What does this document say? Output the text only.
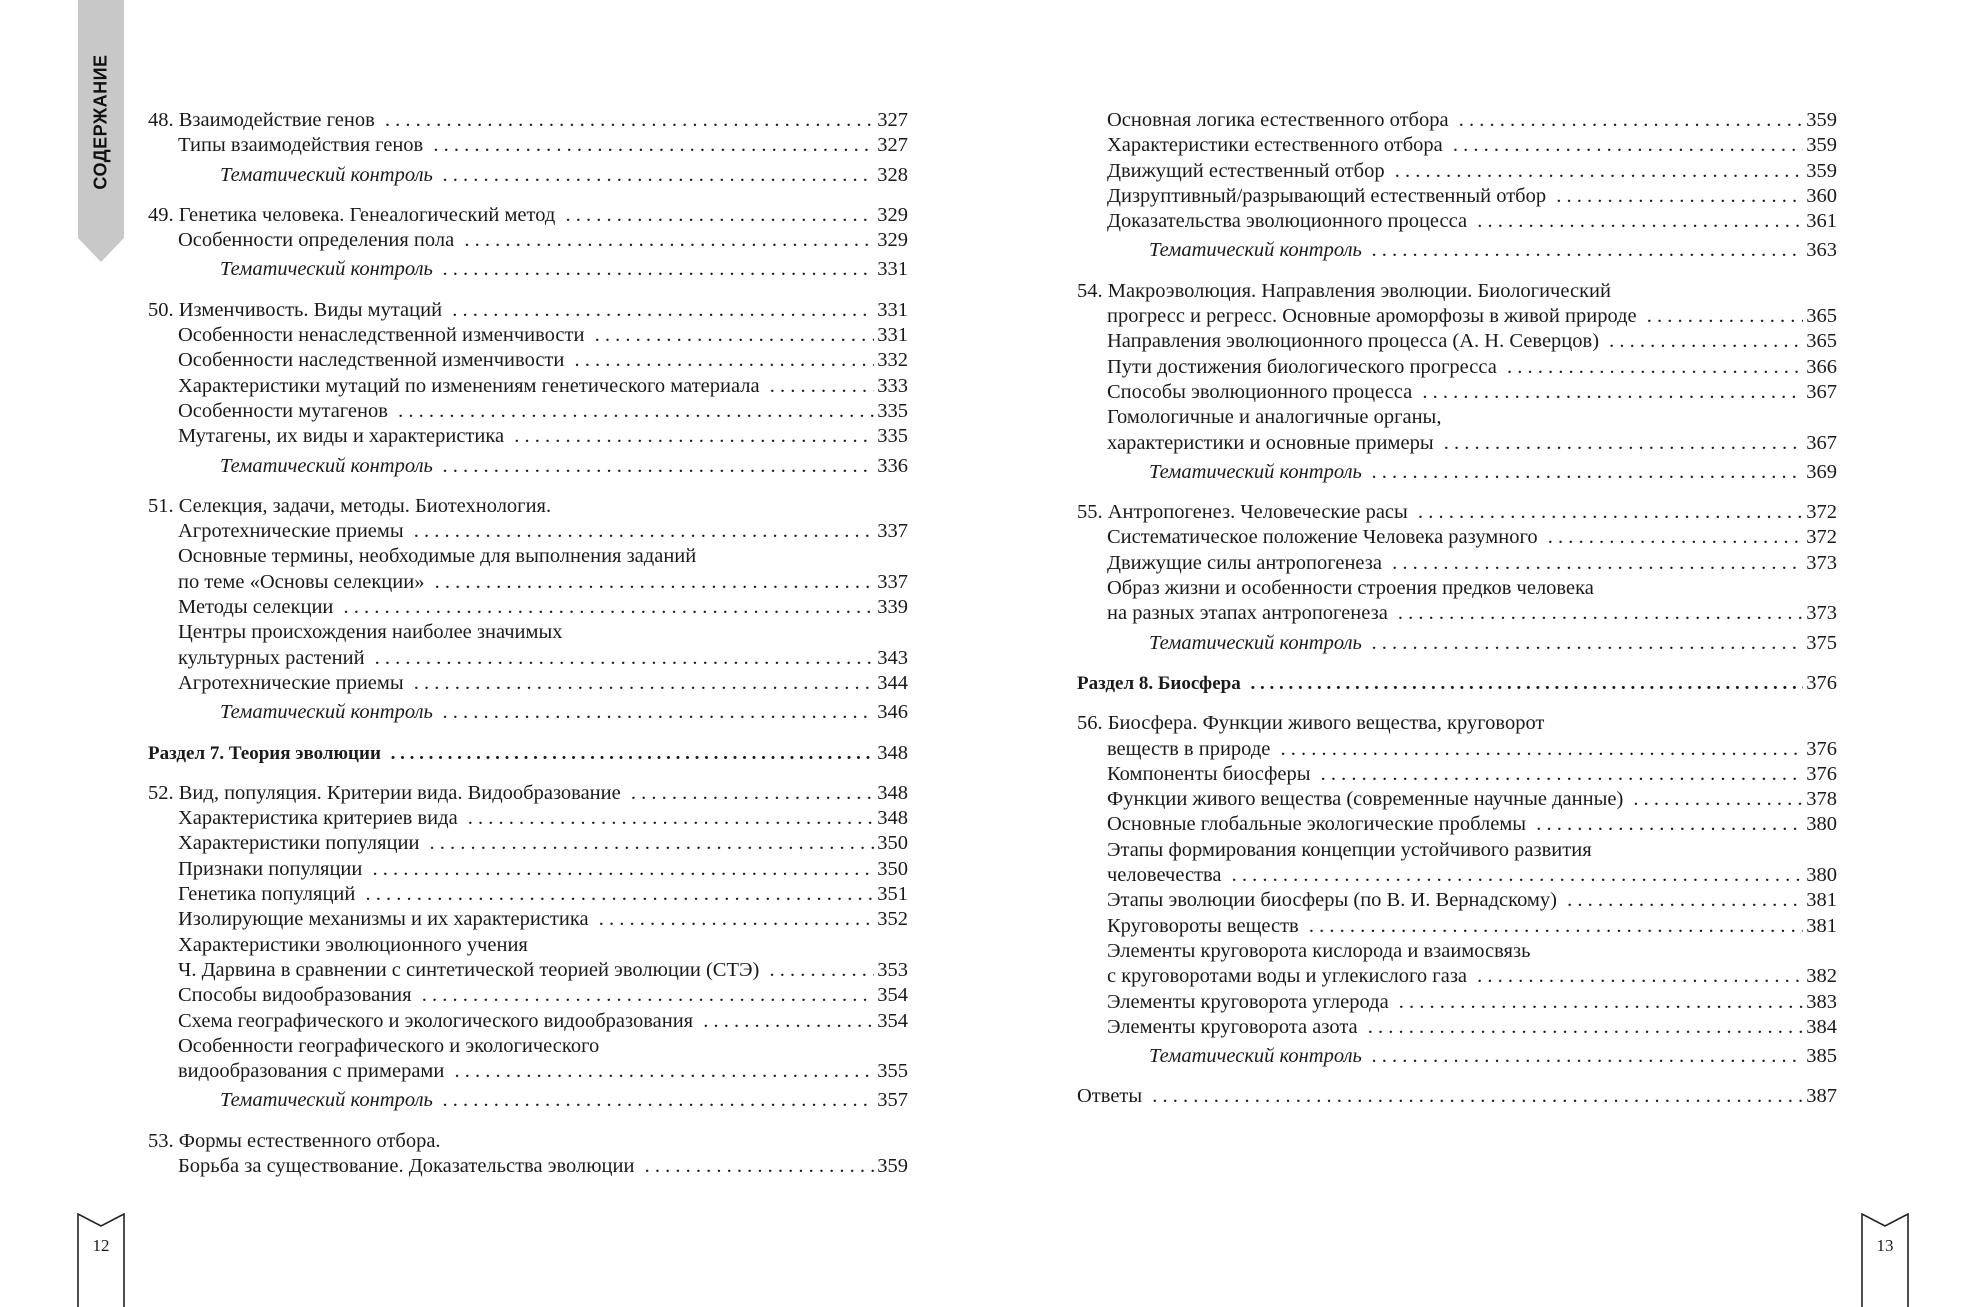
СОДЕРЖАНИЕ 48. Взаимодействие генов . . .	327
Типы взаимодействия генов . . .	327
Тематический контроль . . .	328
49. Генетика человека. Генеалогический метод . . .	329
Особенности определения пола . . .	329
Тематический контроль . . .	331
50. Изменчивость. Виды мутаций . . .	331
Особенности ненаследственной изменчивости . . .	331
Особенности наследственной изменчивости . . .	332
Характеристики мутаций по изменениям генетического материала . . .	333
Особенности мутагенов . . .	335
Мутагены, их виды и характеристика . . .	335
Тематический контроль . . .	336
51. Селекция, задачи, методы. Биотехнология.
Агротехнические приемы . . .	337
Основные термины, необходимые для выполнения заданий
по теме «Основы селекции» . . .	337
Методы селекции . . .	339
Центры происхождения наиболее значимых
культурных растений . . .	343
Агротехнические приемы . . .	344
Тематический контроль . . .	346
Раздел 7. Теория эволюции . . .	348
52. Вид, популяция. Критерии вида. Видообразование . . .	348
Характеристика критериев вида . . .	348
Характеристики популяции . . .	350
Признаки популяции . . .	350
Генетика популяций . . .	351
Изолирующие механизмы и их характеристика . . .	352
Характеристики эволюционного учения
Ч. Дарвина в сравнении с синтетической теорией эволюции (СТЭ) . . .	353
Способы видообразования . . .	354
Схема географического и экологического видообразования . . .	354
Особенности географического и экологического
видообразования с примерами . . .	355
Тематический контроль . . .	357
53. Формы естественного отбора.
Борьба за существование. Доказательства эволюции . . .	359
12
Основная логика естественного отбора . . .	359
Характеристики естественного отбора . . .	359
Движущий естественный отбор . . .	359
Дизруптивный/разрывающий естественный отбор . . .	360
Доказательства эволюционного процесса . . .	361
Тематический контроль . . .	363
54. Макроэволюция. Направления эволюции. Биологический
прогресс и регресс. Основные ароморфозы в живой природе . . .	365
Направления эволюционного процесса (А. Н. Северцов) . . .	365
Пути достижения биологического прогресса . . .	366
Способы эволюционного процесса . . .	367
Гомологичные и аналогичные органы,
характеристики и основные примеры . . .	367
Тематический контроль . . .	369
55. Антропогенез. Человеческие расы . . .	372
Систематическое положение Человека разумного . . .	372
Движущие силы антропогенеза . . .	373
Образ жизни и особенности строения предков человека
на разных этапах антропогенеза . . .	373
Тематический контроль . . .	375
Раздел 8. Биосфера . . .	376
56. Биосфера. Функции живого вещества, круговорот
веществ в природе . . .	376
Компоненты биосферы . . .	376
Функции живого вещества (современные научные данные) . . .	378
Основные глобальные экологические проблемы . . .	380
Этапы формирования концепции устойчивого развития
человечества . . .	380
Этапы эволюции биосферы (по В. И. Вернадскому) . . .	381
Круговороты веществ . . .	381
Элементы круговорота кислорода и взаимосвязь
с круговоротами воды и углекислого газа . . .	382
Элементы круговорота углерода . . .	383
Элементы круговорота азота . . .	384
Тематический контроль . . .	385
Ответы . . .	387
13
